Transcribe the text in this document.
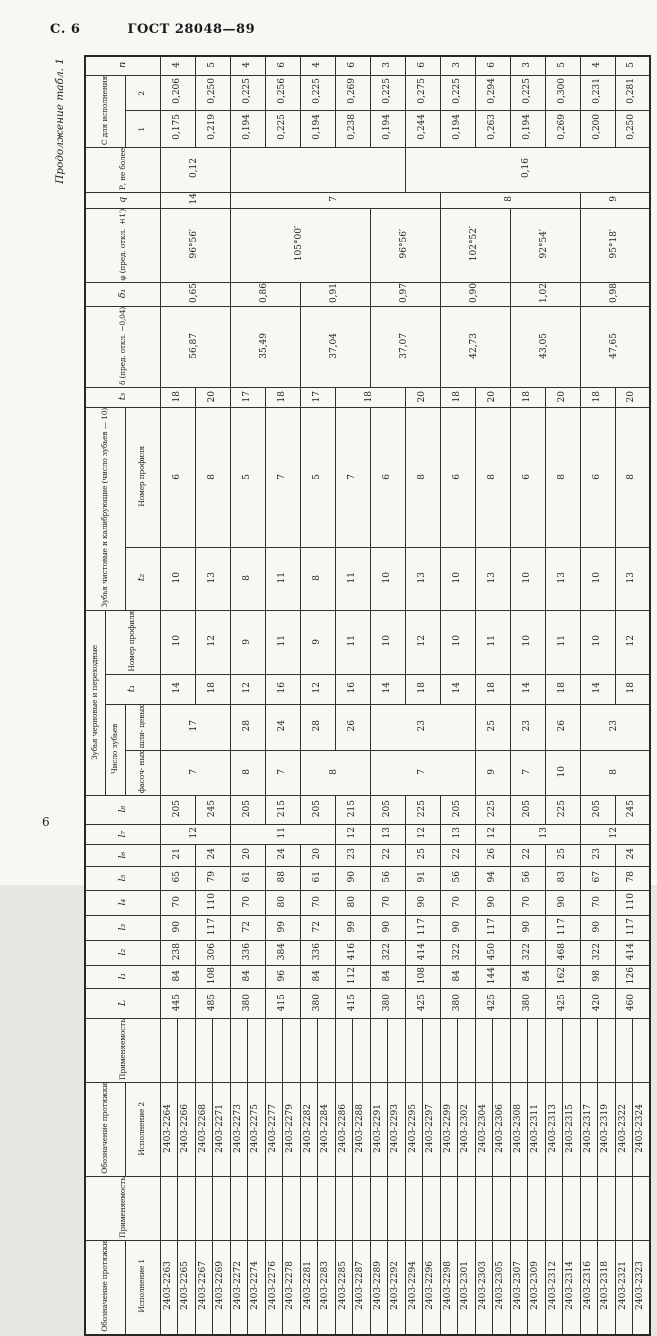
С. 6	ГОСТ 28048—89
Продолжение табл. 1	п			4		5		4		6		4		6		3		6		3		6		3		5		4		5	
С для исполнения		2	0,206		0,250		0,225		0,256		0,225		0,269		0,225		0,275		0,225		0,294		0,225		0,300		0,231		0,281	
		1	0,175		0,219		0,194		0,225		0,194		0,238		0,194		0,244		0,194		0,263		0,194		0,269		0,200		0,250	
Р, не более			0,12														0,16													
q			14				7												8								9			
φ (пред. откл. ±1′)			96°56′				105°00′								96°56′				102°52′				92°54′				95°18′			
δ₁			0,65				0,86				0,91				0,97				0,90				1,02				0,98			
δ (пред. откл. −0,04)			56,87				35,49				37,04				37,07				42,73				43,05				47,65			
t₃			18		20		17		18		17		18				20		18		20		18		20		18		20	
Зубья чистовые и калибрующие (число зубьев — 10)		Номер профиля	6		8		5		7		5		7		6		8		6		8		6		8		6		8	
		t₂	10		13		8		11		8		11		10		13		10		13		10		13		10		13	
Зубья черновые и переходные	Номер профиля		10		12		9		11		9		11		10		12		10		11		10		11		10		12	
	t₁		14		18		12		16		12		16		14		18		14		18		14		18		14		18	
	Число зубьев	шли- цевых	17				28		24		28		26		23						25		23		26		23			
		фасоч- ных	7				8		7		8				7						9		7		10		8			
l₈			205		245		205		215		205		215		205		225		205		225		205		225		205		245	
l₇			12				11						12		13		12		13		12		13				12			
l₆			21		24		20		24		20		23		22		25		22		26		22		25		23		24	
l₅			65		79		61		88		61		90		56		91		56		94		56		83		67		78	
l₄			70		110		70		80		70		80		70		90		70		90		70		90		70		110	
l₃			90		117		72		99		72		99		90		117		90		117		90		117		90		117	
l₂			238		306		336		384		336		416		322		414		322		450		322		468		322		414	
l₁			84		108		84		96		84		112		84		108		84		144		84		162		98		126	
L			445		485		380		415		380		415		380		425		380		425		380		425		420		460	
Применяемость																														
Обозначение протяжки		Исполнение 2	2403-2264	2403-2266	2403-2268	2403-2271	2403-2273	2403-2275	2403-2277	2403-2279	2403-2282	2403-2284	2403-2286	2403-2288	2403-2291	2403-2293	2403-2295	2403-2297	2403-2299	2403-2302	2403-2304	2403-2306	2403-2308	2403-2311	2403-2313	2403-2315	2403-2317	2403-2319	2403-2322	2403-2324
Применяемость																														
Обозначение протяжки		Исполнение 1	2403-2263	2403-2265	2403-2267	2403-2269	2403-2272	2403-2274	2403-2276	2403-2278	2403-2281	2403-2283	2403-2285	2403-2287	2403-2289	2403-2292	2403-2294	2403-2296	2403-2298	2403-2301	2403-2303	2403-2305	2403-2307	2403-2309	2403-2312	2403-2314	2403-2316	2403-2318	2403-2321	2403-2323
6
